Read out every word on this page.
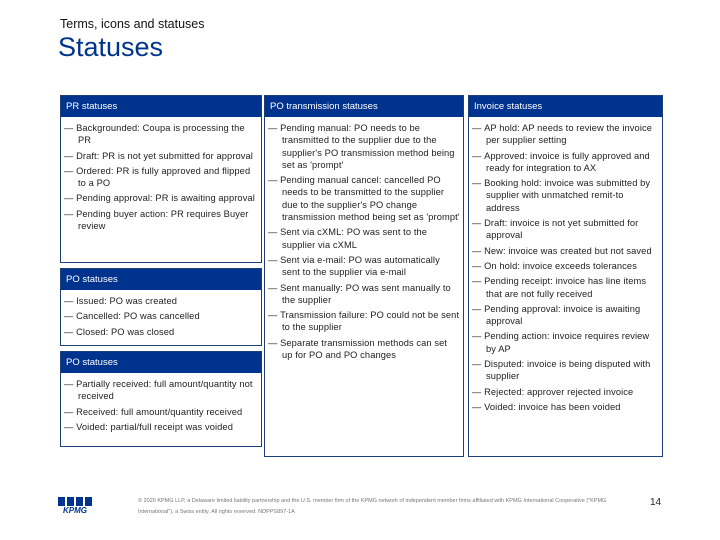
Terms, icons and statuses
Statuses
PR statuses
— Backgrounded: Coupa is processing the PR
— Draft: PR is not yet submitted for approval
— Ordered: PR is fully approved and flipped to a PO
— Pending approval: PR is awaiting approval
— Pending buyer action: PR requires Buyer review
PO statuses
— Issued: PO was created
— Cancelled: PO was cancelled
— Closed: PO was closed
PO statuses
— Partially received: full amount/quantity not received
— Received: full amount/quantity received
— Voided: partial/full receipt was voided
PO transmission statuses
— Pending manual: PO needs to be transmitted to the supplier due to the supplier's PO transmission method being set as 'prompt'
— Pending manual cancel: cancelled PO needs to be transmitted to the supplier due to the supplier's PO change transmission method being set as 'prompt'
— Sent via cXML: PO was sent to the supplier via cXML
— Sent via e-mail: PO was automatically sent to the supplier via e-mail
— Sent manually: PO was sent manually to the supplier
— Transmission failure: PO could not be sent to the supplier
— Separate transmission methods can set up for PO and PO changes
Invoice statuses
— AP hold: AP needs to review the invoice per supplier setting
— Approved: invoice is fully approved and ready for integration to AX
— Booking hold: invoice was submitted by supplier with unmatched remit-to address
— Draft: invoice is not yet submitted for approval
— New: invoice was created but not saved
— On hold: invoice exceeds tolerances
— Pending receipt: invoice has line items that are not fully received
— Pending approval: invoice is awaiting approval
— Pending action: invoice requires review by AP
— Disputed: invoice is being disputed with supplier
— Rejected: approver rejected invoice
— Voided: invoice has been voided
KPMG
© 2020 KPMG LLP, a Delaware limited liability partnership and the U.S. member firm of the KPMG network of independent member firms affiliated with KPMG International Cooperative ("KPMG International"), a Swiss entity. All rights reserved. NDPPS897-1A
14
